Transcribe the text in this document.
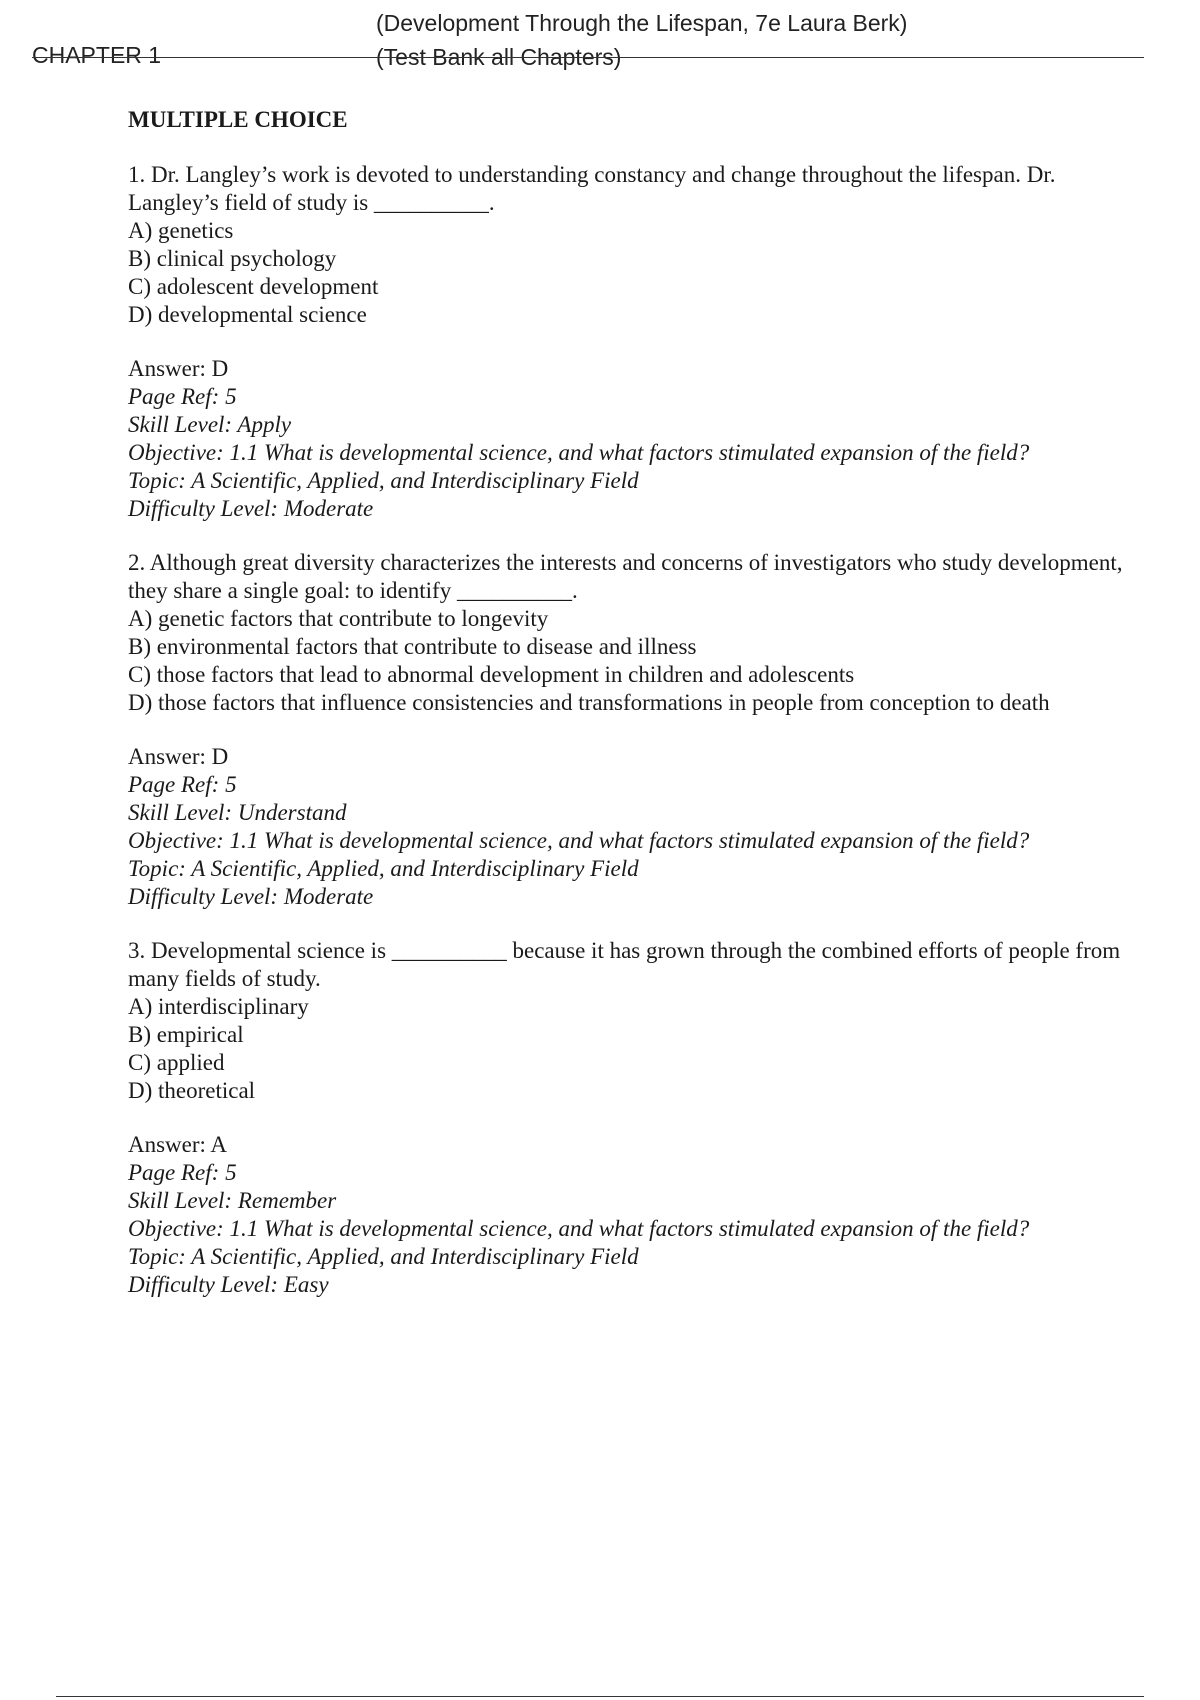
(Development Through the Lifespan, 7e Laura Berk)
(Test Bank all Chapters)
CHAPTER 1
MULTIPLE CHOICE

1. Dr. Langley’s work is devoted to understanding constancy and change throughout the lifespan. Dr. Langley’s field of study is __________.

A) genetics

B) clinical psychology

C) adolescent development

D) developmental science

Answer: D

Page Ref: 5

Skill Level: Apply

Objective: 1.1 What is developmental science, and what factors stimulated expansion of the field?

Topic: A Scientific, Applied, and Interdisciplinary Field

Difficulty Level: Moderate

2. Although great diversity characterizes the interests and concerns of investigators who study development, they share a single goal: to identify __________.

A) genetic factors that contribute to longevity

B) environmental factors that contribute to disease and illness

C) those factors that lead to abnormal development in children and adolescents

D) those factors that influence consistencies and transformations in people from conception to death

Answer: D

Page Ref: 5

Skill Level: Understand

Objective: 1.1 What is developmental science, and what factors stimulated expansion of the field?

Topic: A Scientific, Applied, and Interdisciplinary Field

Difficulty Level: Moderate

3. Developmental science is __________ because it has grown through the combined efforts of people from many fields of study.

A) interdisciplinary

B) empirical

C) applied

D) theoretical

Answer: A

Page Ref: 5

Skill Level: Remember

Objective: 1.1 What is developmental science, and what factors stimulated expansion of the field?

Topic: A Scientific, Applied, and Interdisciplinary Field

Difficulty Level: Easy
